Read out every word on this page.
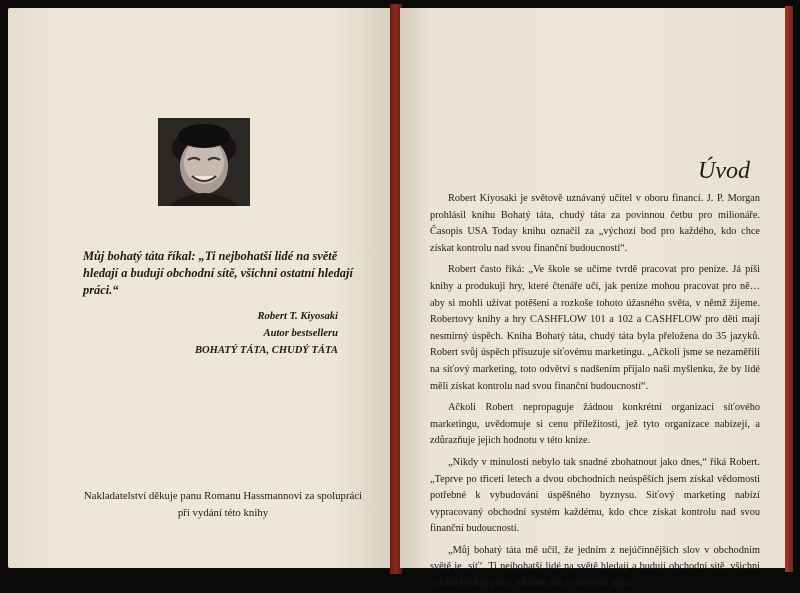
Můj bohatý táta říkal: „Ti nejbohatší lidé na světě hledají a budují obchodní sítě, všichni ostatní hledají práci.“
Robert T. Kiyosaki
Autor bestselleru
BOHATÝ TÁTA, CHUDÝ TÁTA
Nakladatelství děkuje panu Romanu Hassmannovi za spolupráci při vydání této knihy
Úvod

Robert Kiyosaki je světově uznávaný učitel v oboru financí. J. P. Morgan prohlásil knihu Bohatý táta, chudý táta za povinnou četbu pro milionáře. Časopis USA Today knihu označil za „výchozí bod pro každého, kdo chce získat kontrolu nad svou finanční budoucností“.

Robert často říká: „Ve škole se učíme tvrdě pracovat pro peníze. Já píši knihy a produkuji hry, které čtenáře učí, jak peníze mohou pracovat pro ně… aby si mohli užívat potěšení a rozkoše tohoto úžasného světa, v němž žijeme. Robertovy knihy a hry CASHFLOW 101 a 102 a CASHFLOW pro děti mají nesmírný úspěch. Kniha Bohatý táta, chudý táta byla přeložena do 35 jazyků. Robert svůj úspěch přisuzuje síťovému marketingu. „Ačkoli jsme se nezaměřili na síťový marketing, toto odvětví s nadšením přijalo naši myšlenku, že by lidé měli získat kontrolu nad svou finanční budoucností“.

Ačkoli Robert nepropaguje žádnou konkrétní organizaci síťového marketingu, uvědomuje si cenu příležitosti, jež tyto organizace nabízejí, a zdůrazňuje jejich hodnotu v této knize.

„Nikdy v minulosti nebylo tak snadné zbohatnout jako dnes,“ říká Robert. „Teprve po třiceti letech a dvou obchodních neúspěších jsem získal vědomosti potřebné k vybudování úspěšného byznysu. Síťový marketing nabízí vypracovaný obchodní systém každému, kdo chce získat kontrolu nad svou finanční budoucností.

„Můj bohatý táta mě učil, že jedním z nejúčinnějších slov v obchodním světě je ‚síť‘. Ti nejbohatší lidé na světě hledají a budují obchodní sítě, všichni ostatní hledají práci. Můžete mít ty nejlepší nápa-
